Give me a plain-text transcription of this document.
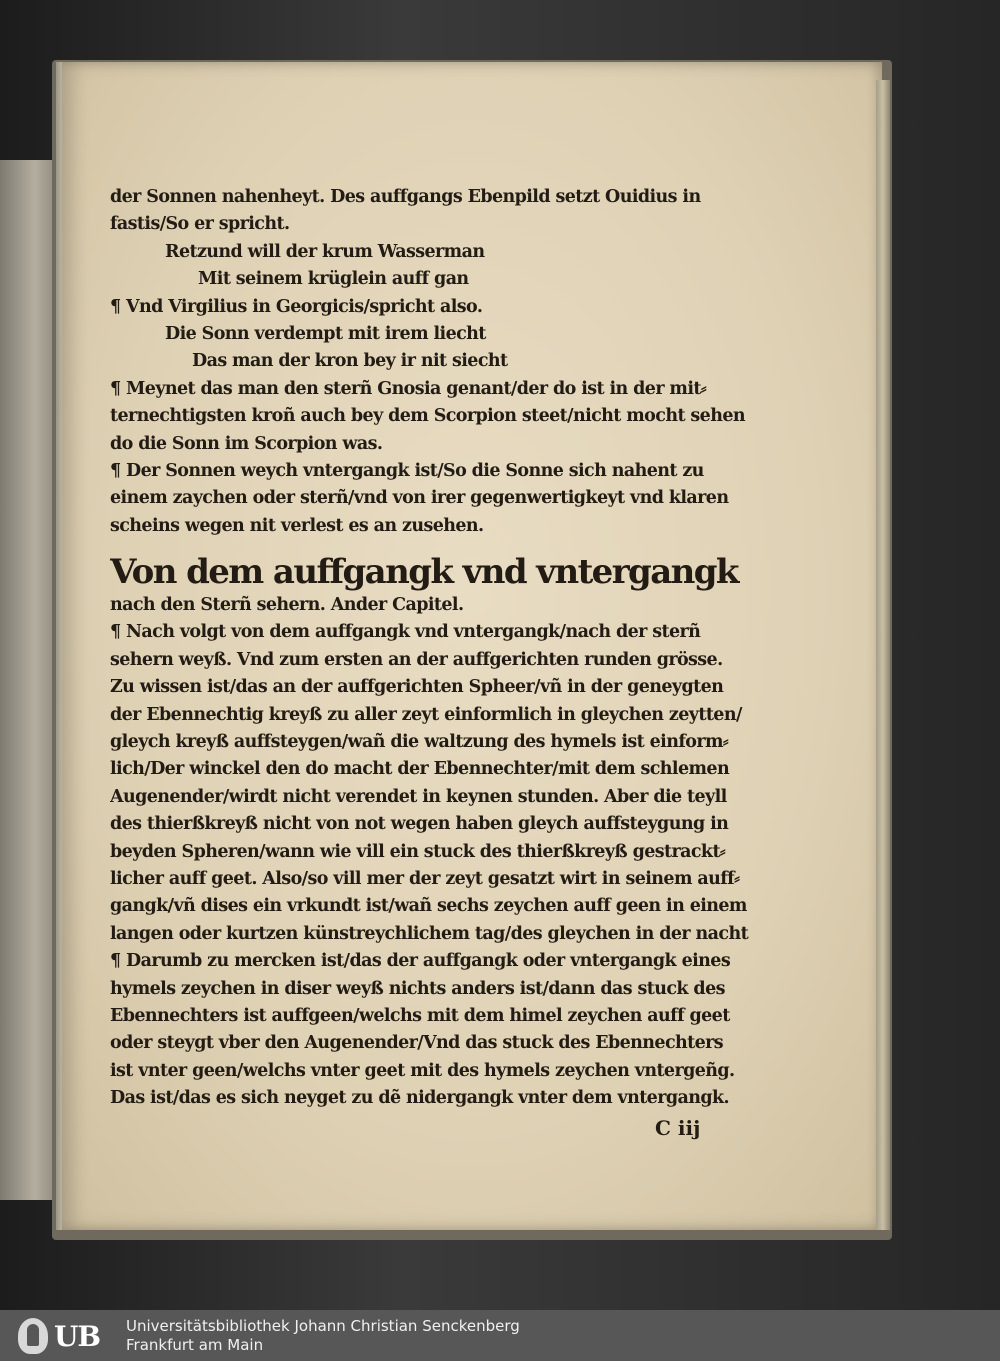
der Sonnen nahenheyt. Des auffgangs Ebenpild setzt Ouidius in
fastis/So er spricht.
Retzund will der krum Wasserman
Mit seinem krüglein auff gan
¶ Vnd Virgilius in Georgicis/spricht also.
Die Sonn verdempt mit irem liecht
Das man der kron bey ir nit siecht
¶ Meynet das man den sterñ Gnosia genant/der do ist in der mit⸗
ternechtigsten kroñ auch bey dem Scorpion steet/nicht mocht sehen
do die Sonn im Scorpion was.
¶ Der Sonnen weych vntergangk ist/So die Sonne sich nahent zu
einem zaychen oder sterñ/vnd von irer gegenwertigkeyt vnd klaren
scheins wegen nit verlest es an zusehen.
Von dem auffgangk vnd vntergangk
nach den Sterñ sehern. Ander Capitel.
¶ Nach volgt von dem auffgangk vnd vntergangk/nach der sterñ
sehern weyß. Vnd zum ersten an der auffgerichten runden grösse.
Zu wissen ist/das an der auffgerichten Spheer/vñ in der geneygten
der Ebennechtig kreyß zu aller zeyt einformlich in gleychen zeytten/
gleych kreyß auffsteygen/wañ die waltzung des hymels ist einform⸗
lich/Der winckel den do macht der Ebennechter/mit dem schlemen
Augenender/wirdt nicht verendet in keynen stunden. Aber die teyll
des thierßkreyß nicht von not wegen haben gleych auffsteygung in
beyden Spheren/wann wie vill ein stuck des thierßkreyß gestrackt⸗
licher auff geet. Also/so vill mer der zeyt gesatzt wirt in seinem auff⸗
gangk/vñ dises ein vrkundt ist/wañ sechs zeychen auff geen in einem
langen oder kurtzen künstreychlichem tag/des gleychen in der nacht
¶ Darumb zu mercken ist/das der auffgangk oder vntergangk eines
hymels zeychen in diser weyß nichts anders ist/dann das stuck des
Ebennechters ist auffgeen/welchs mit dem himel zeychen auff geet
oder steygt vber den Augenender/Vnd das stuck des Ebennechters
ist vnter geen/welchs vnter geet mit des hymels zeychen vntergeñg.
Das ist/das es sich neyget zu dẽ nidergangk vnter dem vntergangk.
C iij
UB Universitätsbibliothek Johann Christian Senckenberg
Frankfurt am Main
